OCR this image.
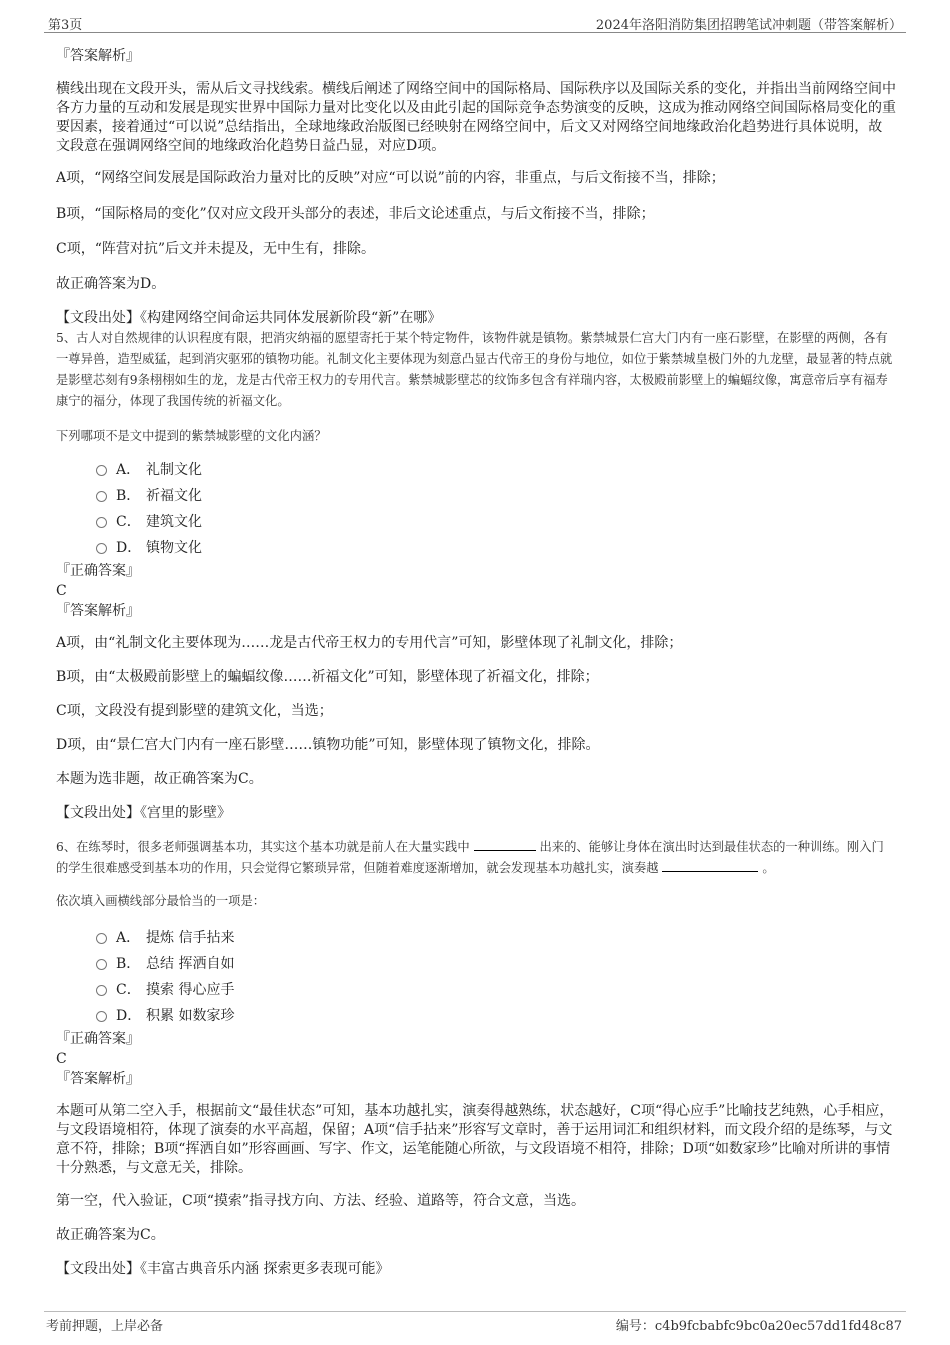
第3页	2024年洛阳消防集团招聘笔试冲刺题（带答案解析）
『答案解析』
横线出现在文段开头，需从后文寻找线索。横线后阐述了网络空间中的国际格局、国际秩序以及国际关系的变化，并指出当前网络空间中各方力量的互动和发展是现实世界中国际力量对比变化以及由此引起的国际竞争态势演变的反映，这成为推动网络空间国际格局变化的重要因素，接着通过“可以说”总结指出，全球地缘政治版图已经映射在网络空间中，后文又对网络空间地缘政治化趋势进行具体说明，故文段意在强调网络空间的地缘政治化趋势日益凸显，对应D项。
A项，“网络空间发展是国际政治力量对比的反映”对应“可以说”前的内容，非重点，与后文衔接不当，排除；
B项，“国际格局的变化”仅对应文段开头部分的表述，非后文论述重点，与后文衔接不当，排除；
C项，“阵营对抗”后文并未提及，无中生有，排除。
故正确答案为D。
【文段出处】《构建网络空间命运共同体发展新阶段“新”在哪》
5、古人对自然规律的认识程度有限，把消灾纳福的愿望寄托于某个特定物件，该物件就是镇物。紫禁城景仁宫大门内有一座石影壁，在影壁的两侧，各有一尊异兽，造型威猛，起到消灾驱邪的镇物功能。礼制文化主要体现为刻意凸显古代帝王的身份与地位，如位于紫禁城皇极门外的九龙壁，最显著的特点就是影壁芯刻有9条栩栩如生的龙，龙是古代帝王权力的专用代言。紫禁城影壁芯的纹饰多包含有祥瑞内容，太极殿前影壁上的蝙蝠纹像，寓意帝后享有福寿康宁的福分，体现了我国传统的祈福文化。
下列哪项不是文中提到的紫禁城影壁的文化内涵？
A． 礼制文化
B． 祈福文化
C． 建筑文化
D． 镇物文化
『正确答案』
C
『答案解析』
A项，由“礼制文化主要体现为……龙是古代帝王权力的专用代言”可知，影壁体现了礼制文化，排除；
B项，由“太极殿前影壁上的蝙蝠纹像……祈福文化”可知，影壁体现了祈福文化，排除；
C项，文段没有提到影壁的建筑文化，当选；
D项，由“景仁宫大门内有一座石影壁……镇物功能”可知，影壁体现了镇物文化，排除。
本题为选非题，故正确答案为C。
【文段出处】《宫里的影壁》
6、在练琴时，很多老师强调基本功，其实这个基本功就是前人在大量实践中	出来的、能够让身体在演出时达到最佳状态的一种训练。刚入门的学生很难感受到基本功的作用，只会觉得它繁琐异常，但随着难度逐渐增加，就会发现基本功越扎实，演奏越	。
依次填入画横线部分最恰当的一项是：
A． 提炼 信手拈来
B． 总结 挥洒自如
C． 摸索 得心应手
D． 积累 如数家珍
『正确答案』
C
『答案解析』
本题可从第二空入手，根据前文“最佳状态”可知，基本功越扎实，演奏得越熟练，状态越好，C项“得心应手”比喻技艺纯熟，心手相应，与文段语境相符，体现了演奏的水平高超，保留；A项“信手拈来”形容写文章时，善于运用词汇和组织材料，而文段介绍的是练琴，与文意不符，排除；B项“挥洒自如”形容画画、写字、作文，运笔能随心所欲，与文段语境不相符，排除；D项“如数家珍”比喻对所讲的事情十分熟悉，与文意无关，排除。
第一空，代入验证，C项“摸索”指寻找方向、方法、经验、道路等，符合文意，当选。
故正确答案为C。
【文段出处】《丰富古典音乐内涵 探索更多表现可能》
考前押题，上岸必备	编号：c4b9fcbabfc9bc0a20ec57dd1fd48c87
